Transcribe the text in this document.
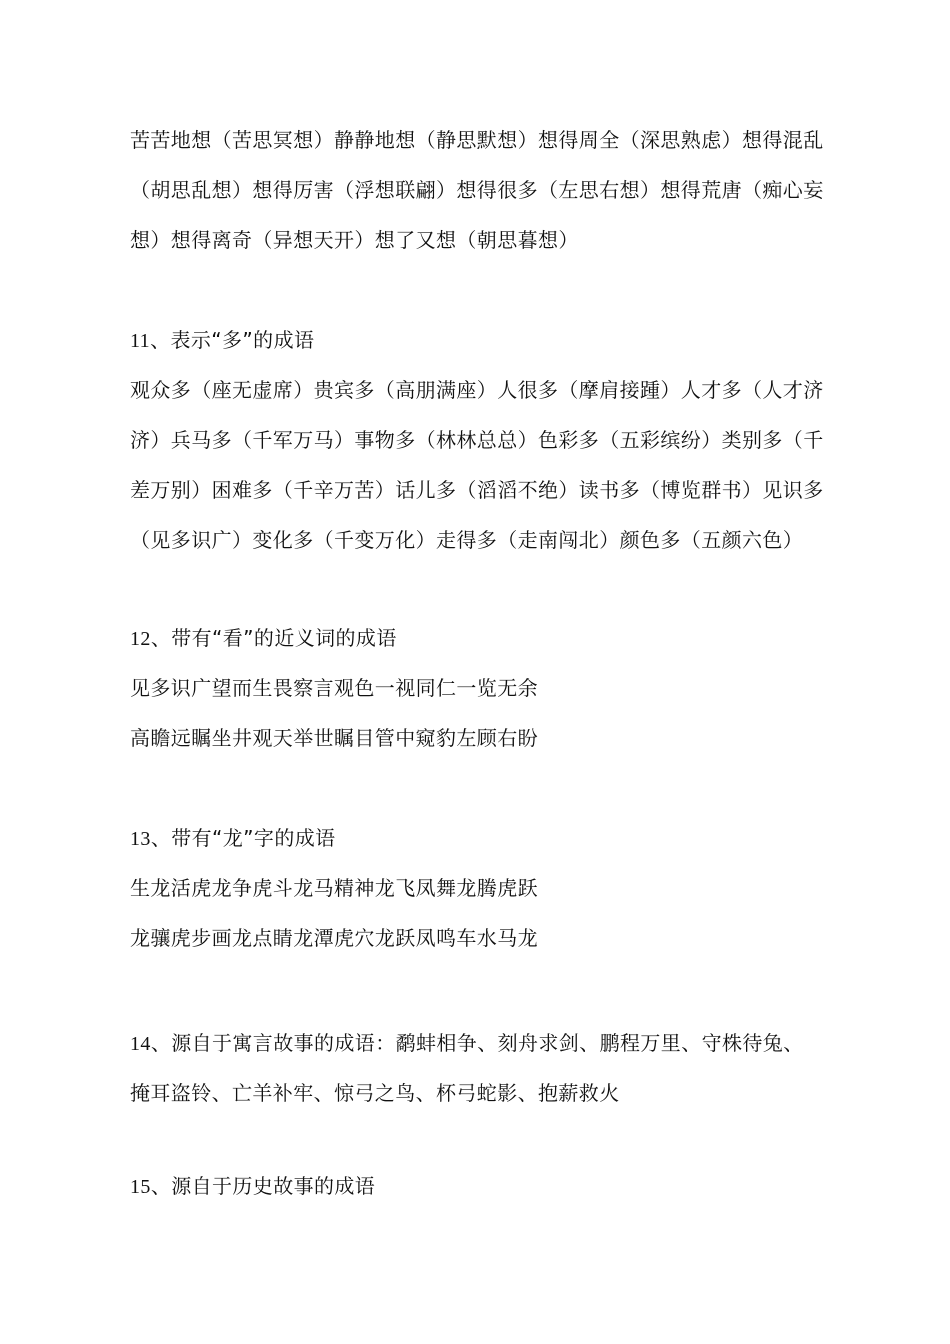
苦苦地想（苦思冥想）静静地想（静思默想）想得周全（深思熟虑）想得混乱
（胡思乱想）想得厉害（浮想联翩）想得很多（左思右想）想得荒唐（痴心妄
想）想得离奇（异想天开）想了又想（朝思暮想）
11、表示“多”的成语
观众多（座无虚席）贵宾多（高朋满座）人很多（摩肩接踵）人才多（人才济
济）兵马多（千军万马）事物多（林林总总）色彩多（五彩缤纷）类别多（千
差万别）困难多（千辛万苦）话儿多（滔滔不绝）读书多（博览群书）见识多
（见多识广）变化多（千变万化）走得多（走南闯北）颜色多（五颜六色）
12、带有“看”的近义词的成语
见多识广望而生畏察言观色一视同仁一览无余
高瞻远瞩坐井观天举世瞩目管中窥豹左顾右盼
13、带有“龙”字的成语
生龙活虎龙争虎斗龙马精神龙飞凤舞龙腾虎跃
龙骧虎步画龙点睛龙潭虎穴龙跃凤鸣车水马龙
14、源自于寓言故事的成语：鹬蚌相争、刻舟求剑、鹏程万里、守株待兔、
掩耳盗铃、亡羊补牢、惊弓之鸟、杯弓蛇影、抱薪救火
15、源自于历史故事的成语
